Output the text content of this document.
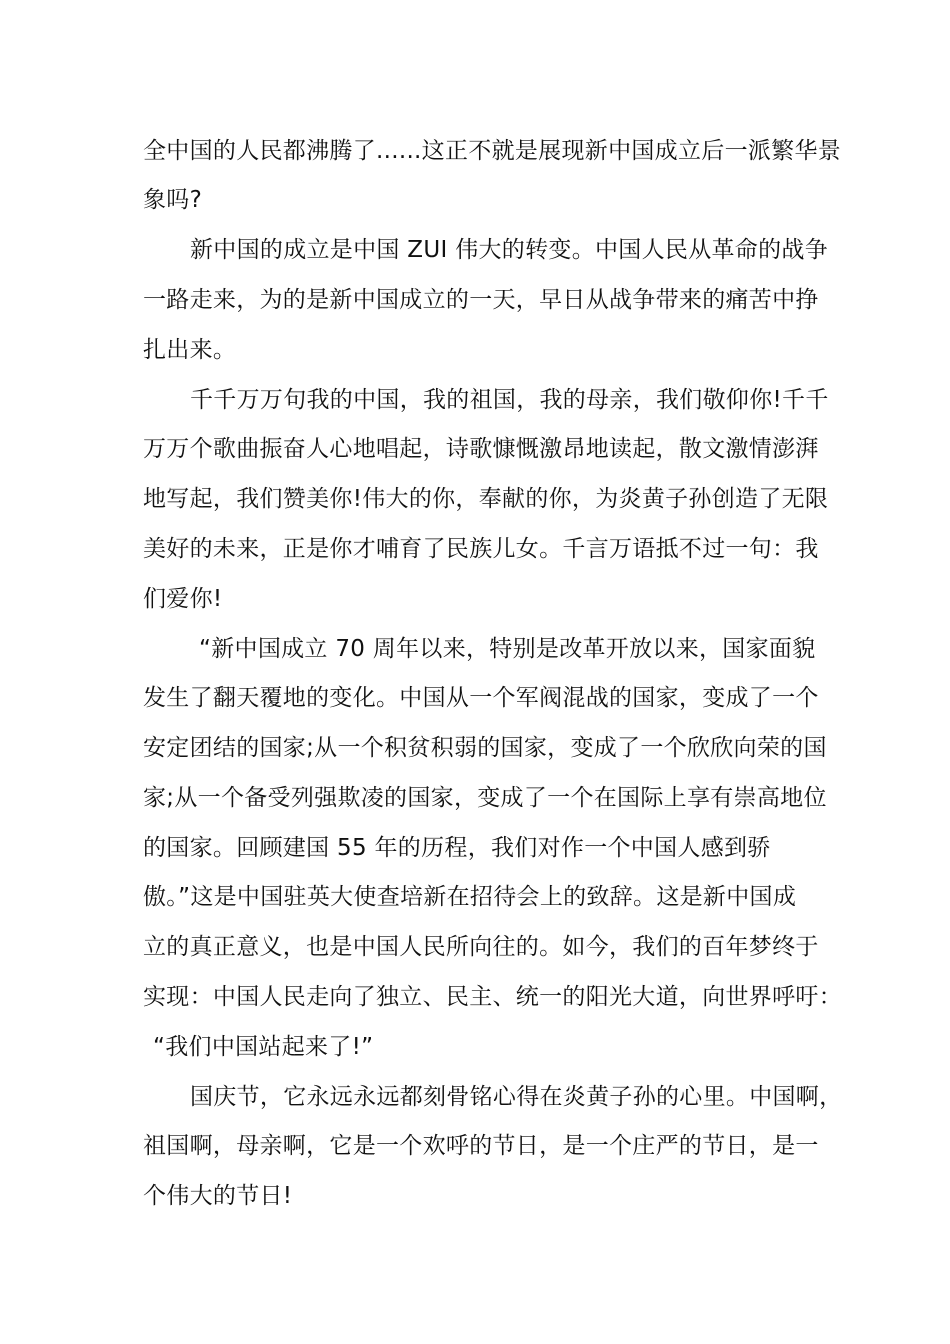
全中国的人民都沸腾了......这正不就是展现新中国成立后一派繁华景
象吗?
新中国的成立是中国 ZUI 伟大的转变。中国人民从革命的战争
一路走来，为的是新中国成立的一天，早日从战争带来的痛苦中挣
扎出来。
千千万万句我的中国，我的祖国，我的母亲，我们敬仰你!千千
万万个歌曲振奋人心地唱起，诗歌慷慨激昂地读起，散文激情澎湃
地写起，我们赞美你!伟大的你，奉献的你，为炎黄子孙创造了无限
美好的未来，正是你才哺育了民族儿女。千言万语抵不过一句：我
们爱你!
“新中国成立 70 周年以来，特别是改革开放以来，国家面貌
发生了翻天覆地的变化。中国从一个军阀混战的国家，变成了一个
安定团结的国家;从一个积贫积弱的国家，变成了一个欣欣向荣的国
家;从一个备受列强欺凌的国家，变成了一个在国际上享有崇高地位
的国家。回顾建国 55 年的历程，我们对作一个中国人感到骄
傲。”这是中国驻英大使查培新在招待会上的致辞。这是新中国成
立的真正意义，也是中国人民所向往的。如今，我们的百年梦终于
实现：中国人民走向了独立、民主、统一的阳光大道，向世界呼吁：
“我们中国站起来了!”
国庆节，它永远永远都刻骨铭心得在炎黄子孙的心里。中国啊，
祖国啊，母亲啊，它是一个欢呼的节日，是一个庄严的节日，是一
个伟大的节日!
